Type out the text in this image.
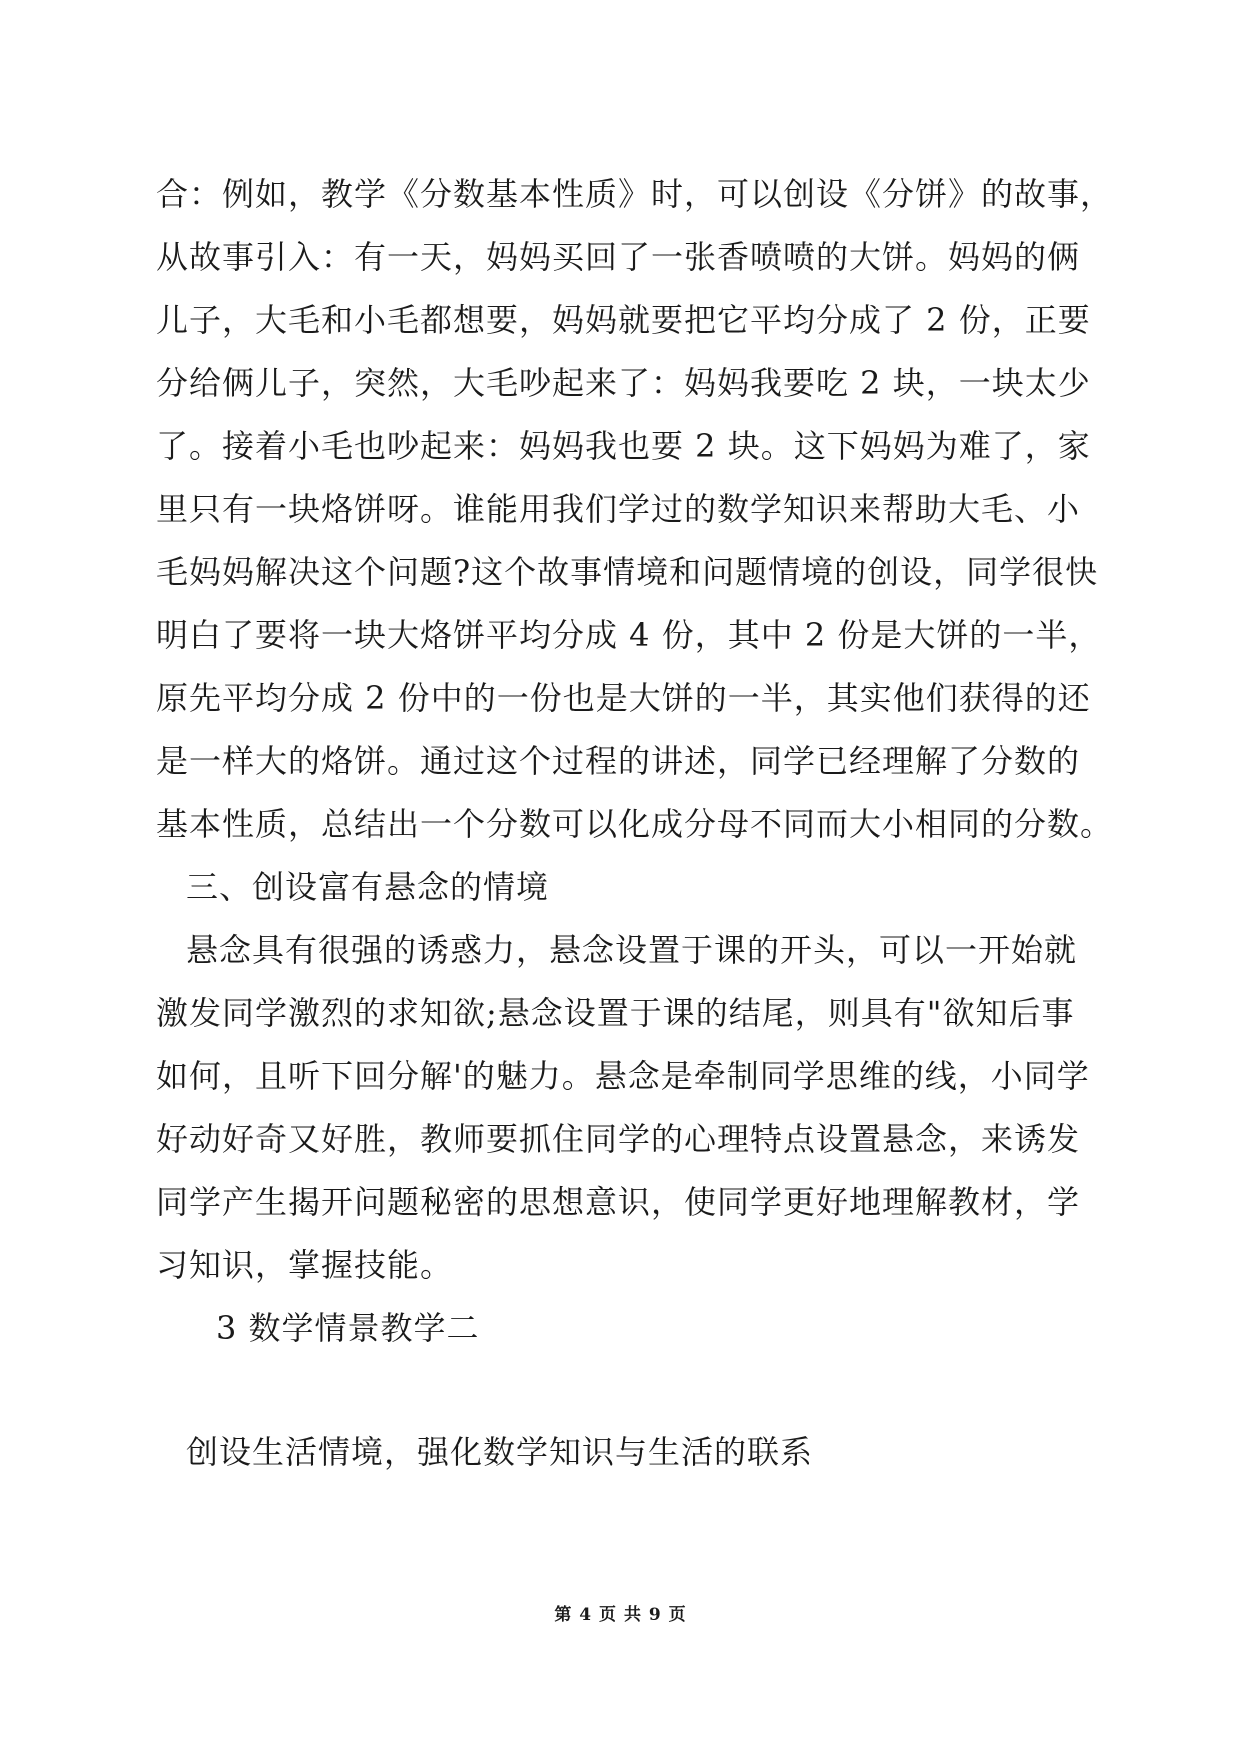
合：例如，教学《分数基本性质》时，可以创设《分饼》的故事，
从故事引入：有一天，妈妈买回了一张香喷喷的大饼。妈妈的俩
儿子，大毛和小毛都想要，妈妈就要把它平均分成了 2 份，正要
分给俩儿子，突然，大毛吵起来了：妈妈我要吃 2 块，一块太少
了。接着小毛也吵起来：妈妈我也要 2 块。这下妈妈为难了，家
里只有一块烙饼呀。谁能用我们学过的数学知识来帮助大毛、小
毛妈妈解决这个问题?这个故事情境和问题情境的创设，同学很快
明白了要将一块大烙饼平均分成 4 份，其中 2 份是大饼的一半，
原先平均分成 2 份中的一份也是大饼的一半，其实他们获得的还
是一样大的烙饼。通过这个过程的讲述，同学已经理解了分数的
基本性质，总结出一个分数可以化成分母不同而大小相同的分数。
三、创设富有悬念的情境
悬念具有很强的诱惑力，悬念设置于课的开头，可以一开始就
激发同学激烈的求知欲;悬念设置于课的结尾，则具有"欲知后事
如何，且听下回分解'的魅力。悬念是牵制同学思维的线，小同学
好动好奇又好胜，教师要抓住同学的心理特点设置悬念，来诱发
同学产生揭开问题秘密的思想意识，使同学更好地理解教材，学
习知识，掌握技能。
3 数学情景教学二
创设生活情境，强化数学知识与生活的联系
第 4 页 共 9 页
